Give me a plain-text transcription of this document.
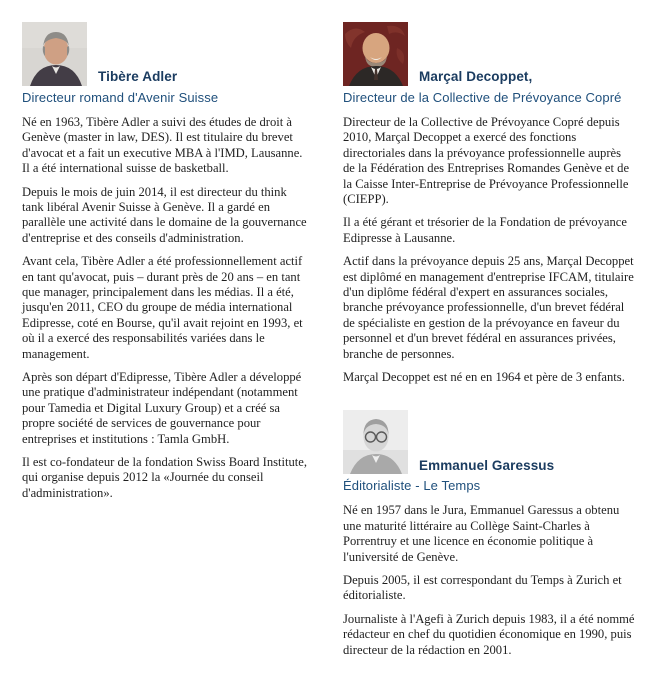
Tibère Adler
Directeur romand d'Avenir Suisse

Né en 1963, Tibère Adler a suivi des études de droit à Genève (master in law, DES). Il est titulaire du brevet d'avocat et a fait un executive MBA à l'IMD, Lausanne. Il a été international suisse de basketball.

Depuis le mois de juin 2014, il est directeur du think tank libéral Avenir Suisse à Genève. Il a gardé en parallèle une activité dans le domaine de la gouvernance d'entreprise et des conseils d'administration.

Avant cela, Tibère Adler a été professionnellement actif en tant qu'avocat, puis – durant près de 20 ans – en tant que manager, principalement dans les médias. Il a été, jusqu'en 2011, CEO du groupe de média international Edipresse, coté en Bourse, qu'il avait rejoint en 1993, et où il a exercé des responsabilités variées dans le management.

Après son départ d'Edipresse, Tibère Adler a développé une pratique d'administrateur indépendant (notamment pour Tamedia et Digital Luxury Group) et a créé sa propre société de services de gouvernance pour entreprises et institutions : Tamla GmbH.

Il est co-fondateur de la fondation Swiss Board Institute, qui organise depuis 2012 la «Journée du conseil d'administration».

Marçal Decoppet,
Directeur de la Collective de Prévoyance Copré

Directeur de la Collective de Prévoyance Copré depuis 2010, Marçal Decoppet a exercé des fonctions directoriales dans la prévoyance professionnelle auprès de la Fédération des Entreprises Romandes Genève et de la Caisse Inter-Entreprise de Prévoyance Professionnelle (CIEPP).

Il a été gérant et trésorier de la Fondation de prévoyance Edipresse à Lausanne.

Actif dans la prévoyance depuis 25 ans, Marçal Decoppet est diplômé en management d'entreprise IFCAM, titulaire d'un diplôme fédéral d'expert en assurances sociales, branche prévoyance professionnelle, d'un brevet fédéral de spécialiste en gestion de la prévoyance en faveur du personnel et d'un brevet fédéral en assurances privées, branche de personnes.

Marçal Decoppet est né en en 1964 et père de 3 enfants.

Emmanuel Garessus
Éditorialiste - Le Temps

Né en 1957 dans le Jura, Emmanuel Garessus a obtenu une maturité littéraire au Collège Saint-Charles à Porrentruy et une licence en économie politique à l'université de Genève.

Depuis 2005, il est correspondant du Temps à Zurich et éditorialiste.

Journaliste à l'Agefi à Zurich depuis 1983, il a été nommé rédacteur en chef du quotidien économique en 1990, puis directeur de la rédaction en 2001.
